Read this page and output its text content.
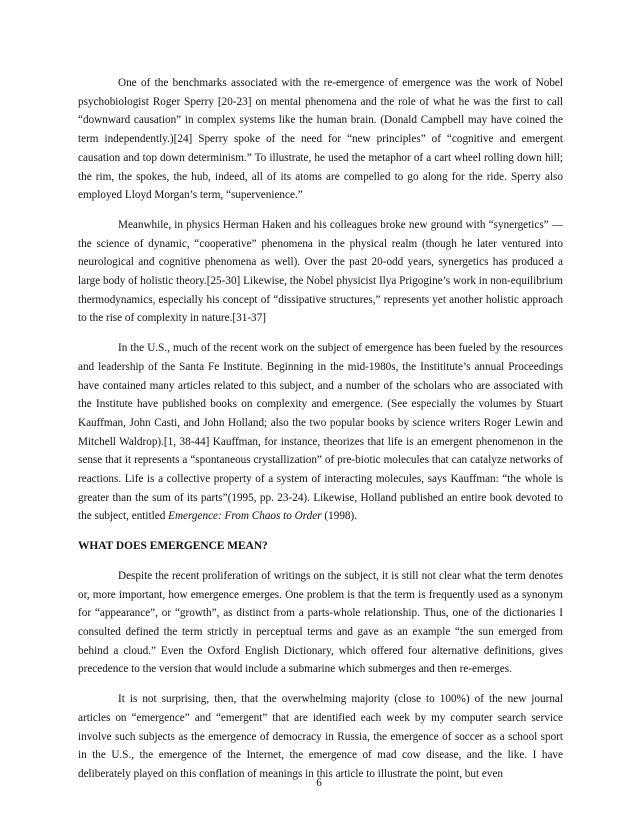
One of the benchmarks associated with the re-emergence of emergence was the work of Nobel psychobiologist Roger Sperry [20-23] on mental phenomena and the role of what he was the first to call “downward causation” in complex systems like the human brain. (Donald Campbell may have coined the term independently.)[24] Sperry spoke of the need for “new principles” of “cognitive and emergent causation and top down determinism.” To illustrate, he used the metaphor of a cart wheel rolling down hill; the rim, the spokes, the hub, indeed, all of its atoms are compelled to go along for the ride. Sperry also employed Lloyd Morgan’s term, “supervenience.”

Meanwhile, in physics Herman Haken and his colleagues broke new ground with “synergetics” — the science of dynamic, “cooperative” phenomena in the physical realm (though he later ventured into neurological and cognitive phenomena as well). Over the past 20-odd years, synergetics has produced a large body of holistic theory.[25-30] Likewise, the Nobel physicist Ilya Prigogine’s work in non-equilibrium thermodynamics, especially his concept of “dissipative structures,” represents yet another holistic approach to the rise of complexity in nature.[31-37]

In the U.S., much of the recent work on the subject of emergence has been fueled by the resources and leadership of the Santa Fe Institute. Beginning in the mid-1980s, the Instititute’s annual Proceedings have contained many articles related to this subject, and a number of the scholars who are associated with the Institute have published books on complexity and emergence. (See especially the volumes by Stuart Kauffman, John Casti, and John Holland; also the two popular books by science writers Roger Lewin and Mitchell Waldrop).[1, 38-44] Kauffman, for instance, theorizes that life is an emergent phenomenon in the sense that it represents a “spontaneous crystallization” of pre-biotic molecules that can catalyze networks of reactions. Life is a collective property of a system of interacting molecules, says Kauffman: “the whole is greater than the sum of its parts”(1995, pp. 23-24). Likewise, Holland published an entire book devoted to the subject, entitled Emergence: From Chaos to Order (1998).

WHAT DOES EMERGENCE MEAN?

Despite the recent proliferation of writings on the subject, it is still not clear what the term denotes or, more important, how emergence emerges. One problem is that the term is frequently used as a synonym for “appearance”, or “growth”, as distinct from a parts-whole relationship. Thus, one of the dictionaries I consulted defined the term strictly in perceptual terms and gave as an example “the sun emerged from behind a cloud.” Even the Oxford English Dictionary, which offered four alternative definitions, gives precedence to the version that would include a submarine which submerges and then re-emerges.

It is not surprising, then, that the overwhelming majority (close to 100%) of the new journal articles on “emergence” and “emergent” that are identified each week by my computer search service involve such subjects as the emergence of democracy in Russia, the emergence of soccer as a school sport in the U.S., the emergence of the Internet, the emergence of mad cow disease, and the like. I have deliberately played on this conflation of meanings in this article to illustrate the point, but even

6
